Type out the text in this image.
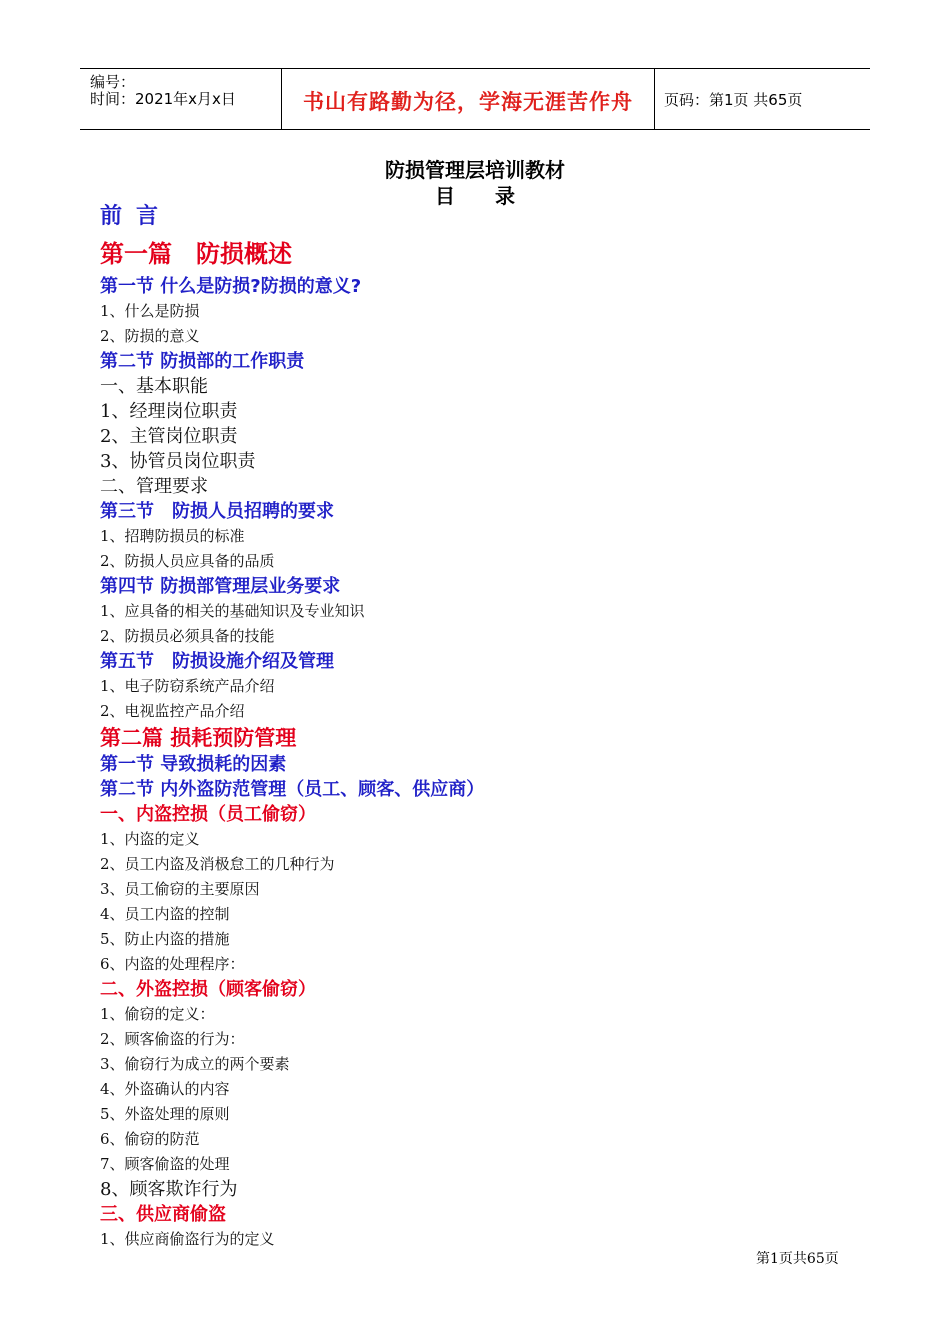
编号：
时间：2021年x月x日	书山有路勤为径，学海无涯苦作舟	页码：第1页 共65页
防损管理层培训教材
目录
前言
第一篇　防损概述
第一节 什么是防损?防损的意义?
1、什么是防损
2、防损的意义
第二节 防损部的工作职责
一、基本职能
1、经理岗位职责
2、主管岗位职责
3、协管员岗位职责
二、管理要求
第三节　防损人员招聘的要求
1、招聘防损员的标准
2、防损人员应具备的品质
第四节 防损部管理层业务要求
1、应具备的相关的基础知识及专业知识
2、防损员必须具备的技能
第五节　防损设施介绍及管理
1、电子防窃系统产品介绍
2、电视监控产品介绍
第二篇 损耗预防管理
第一节 导致损耗的因素
第二节 内外盗防范管理（员工、顾客、供应商）
一、内盗控损（员工偷窃）
1、内盗的定义
2、员工内盗及消极怠工的几种行为
3、员工偷窃的主要原因
4、员工内盗的控制
5、防止内盗的措施
6、内盗的处理程序：
二、外盗控损（顾客偷窃）
1、偷窃的定义：
2、顾客偷盗的行为：
3、偷窃行为成立的两个要素
4、外盗确认的内容
5、外盗处理的原则
6、偷窃的防范
7、顾客偷盗的处理
8、顾客欺诈行为
三、供应商偷盗
1、供应商偷盗行为的定义
第1页共65页
